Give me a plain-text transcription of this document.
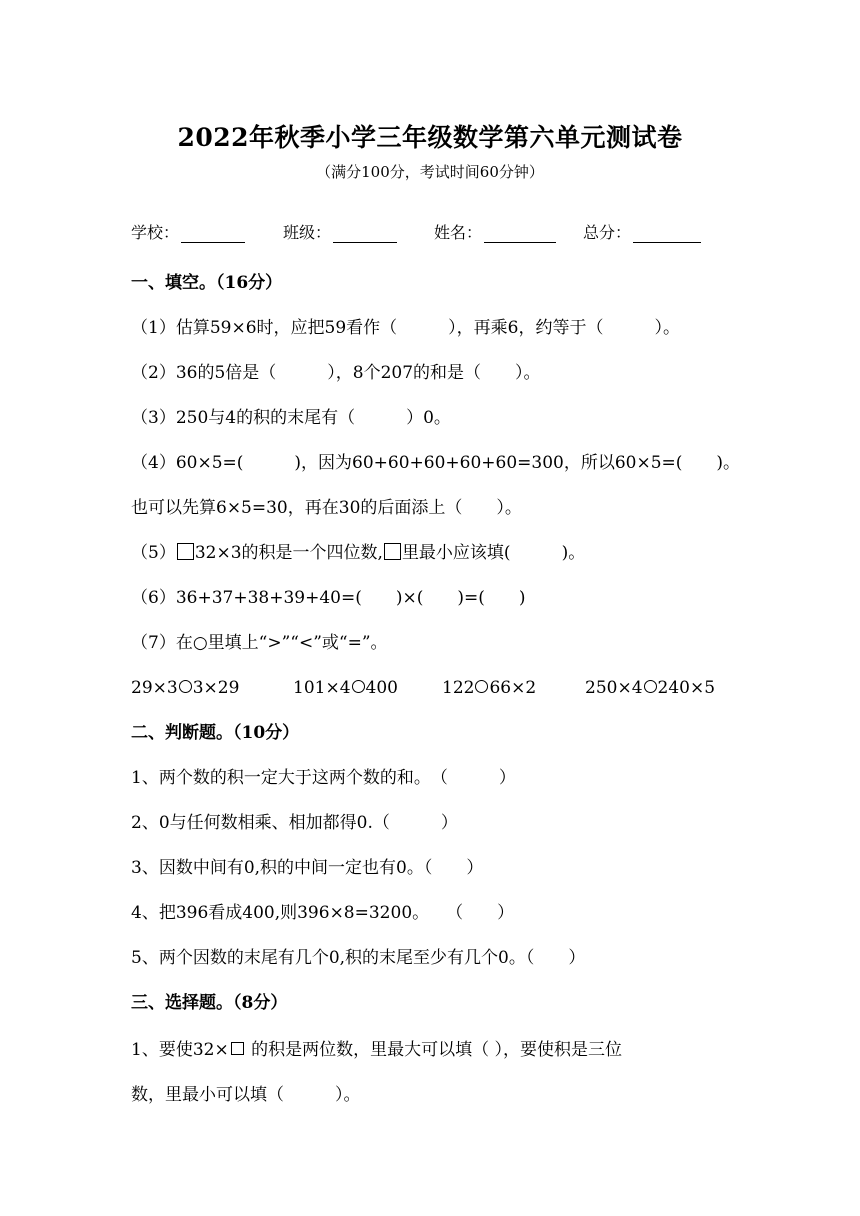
2022年秋季小学三年级数学第六单元测试卷
（满分100分，考试时间60分钟）
学校：	班级：	姓名：	总分：
一、填空。（16分）
（1）估算59×6时，应把59看作（　　　），再乘6，约等于（　　　）。
（2）36的5倍是（　　　），8个207的和是（　　）。
（3）250与4的积的末尾有（　　　）0。
（4）60×5=(　　　)，因为60+60+60+60+60=300，所以60×5=(　　)。
也可以先算6×5=30，再在30的后面添上（　　）。
（5） 32×3的积是一个四位数, 里最小应该填(　　　)。
（6）36+37+38+39+40=(　　)×(　　)=(　　)
（7）在○里填上“>”“<”或“=”。
29×3 3×29	101×4 400	122 66×2	250×4 240×5
二、判断题。（10分）
1、两个数的积一定大于这两个数的和。　（　　　）
2、0与任何数相乘、相加都得0.（　　　）
3、因数中间有0,积的中间一定也有0。（　　）
4、把396看成400,则396×8=3200。　　（　　）
5、两个因数的末尾有几个0,积的末尾至少有几个0。（　　）
三、选择题。（8分）
1、要使32× 的积是两位数，里最大可以填（ ），要使积是三位
数，里最小可以填（　　　）。
